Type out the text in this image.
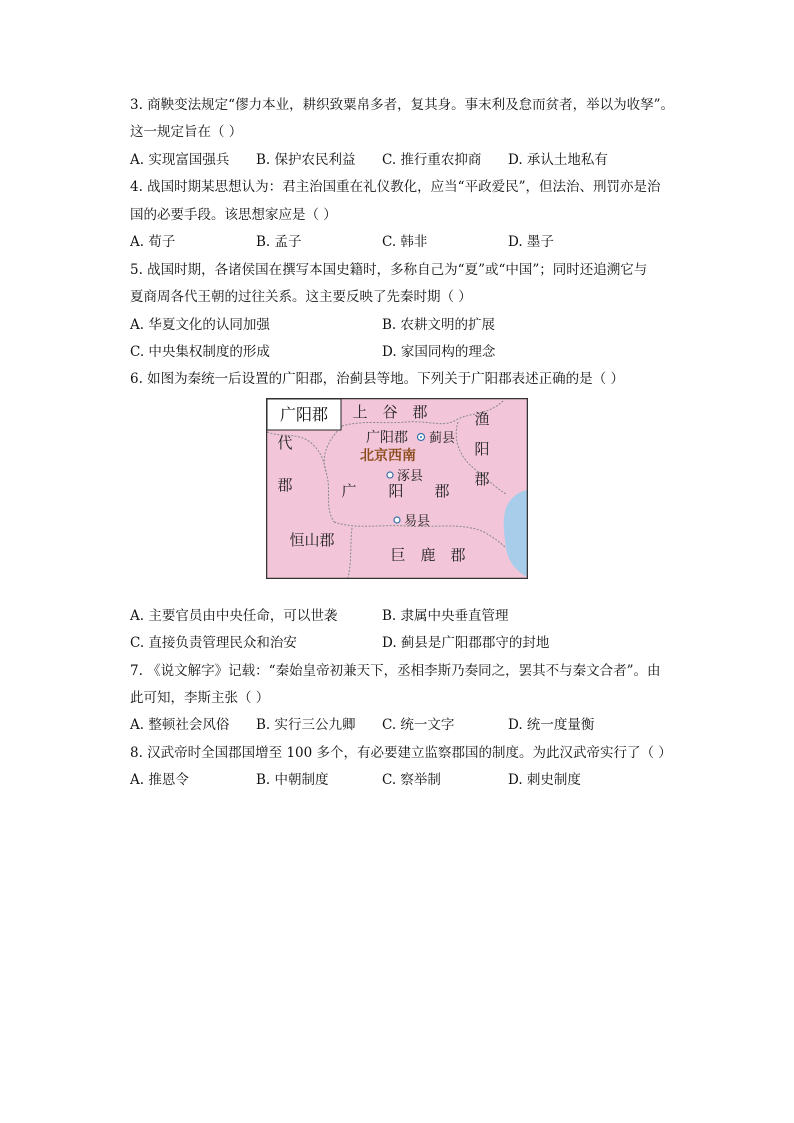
3. 商鞅变法规定“僇力本业，耕织致粟帛多者，复其身。事末利及怠而贫者，举以为收孥”。
这一规定旨在（ ）
A. 实现富国强兵 B. 保护农民利益 C. 推行重农抑商 D. 承认土地私有
4. 战国时期某思想认为：君主治国重在礼仪教化，应当“平政爱民”，但法治、刑罚亦是治
国的必要手段。该思想家应是（ ）
A. 荀子	B. 孟子	C. 韩非	D. 墨子
5. 战国时期，各诸侯国在撰写本国史籍时，多称自己为“夏”或“中国”；同时还追溯它与
夏商周各代王朝的过往关系。这主要反映了先秦时期（ ）
A. 华夏文化的认同加强	B. 农耕文明的扩展
C. 中央集权制度的形成	D. 家国同构的理念
6. 如图为秦统一后设置的广阳郡，治蓟县等地。下列关于广阳郡表述正确的是（ ）
广阳郡 上　谷　郡	渔
阳
郡
代
郡
广阳郡 蓟县
北京西南
涿县
广 阳 郡
易县
恒山郡
巨　鹿　郡
A. 主要官员由中央任命，可以世袭	B. 隶属中央垂直管理
C. 直接负责管理民众和治安	D. 蓟县是广阳郡郡守的封地
7. 《说文解字》记载：“秦始皇帝初兼天下，丞相李斯乃奏同之，罢其不与秦文合者”。由
此可知，李斯主张（ ）
A. 整顿社会风俗 B. 实行三公九卿 C. 统一文字	D. 统一度量衡
8. 汉武帝时全国郡国增至 100 多个，有必要建立监察郡国的制度。为此汉武帝实行了（ ）
A. 推恩令	B. 中朝制度	C. 察举制	D. 刺史制度
